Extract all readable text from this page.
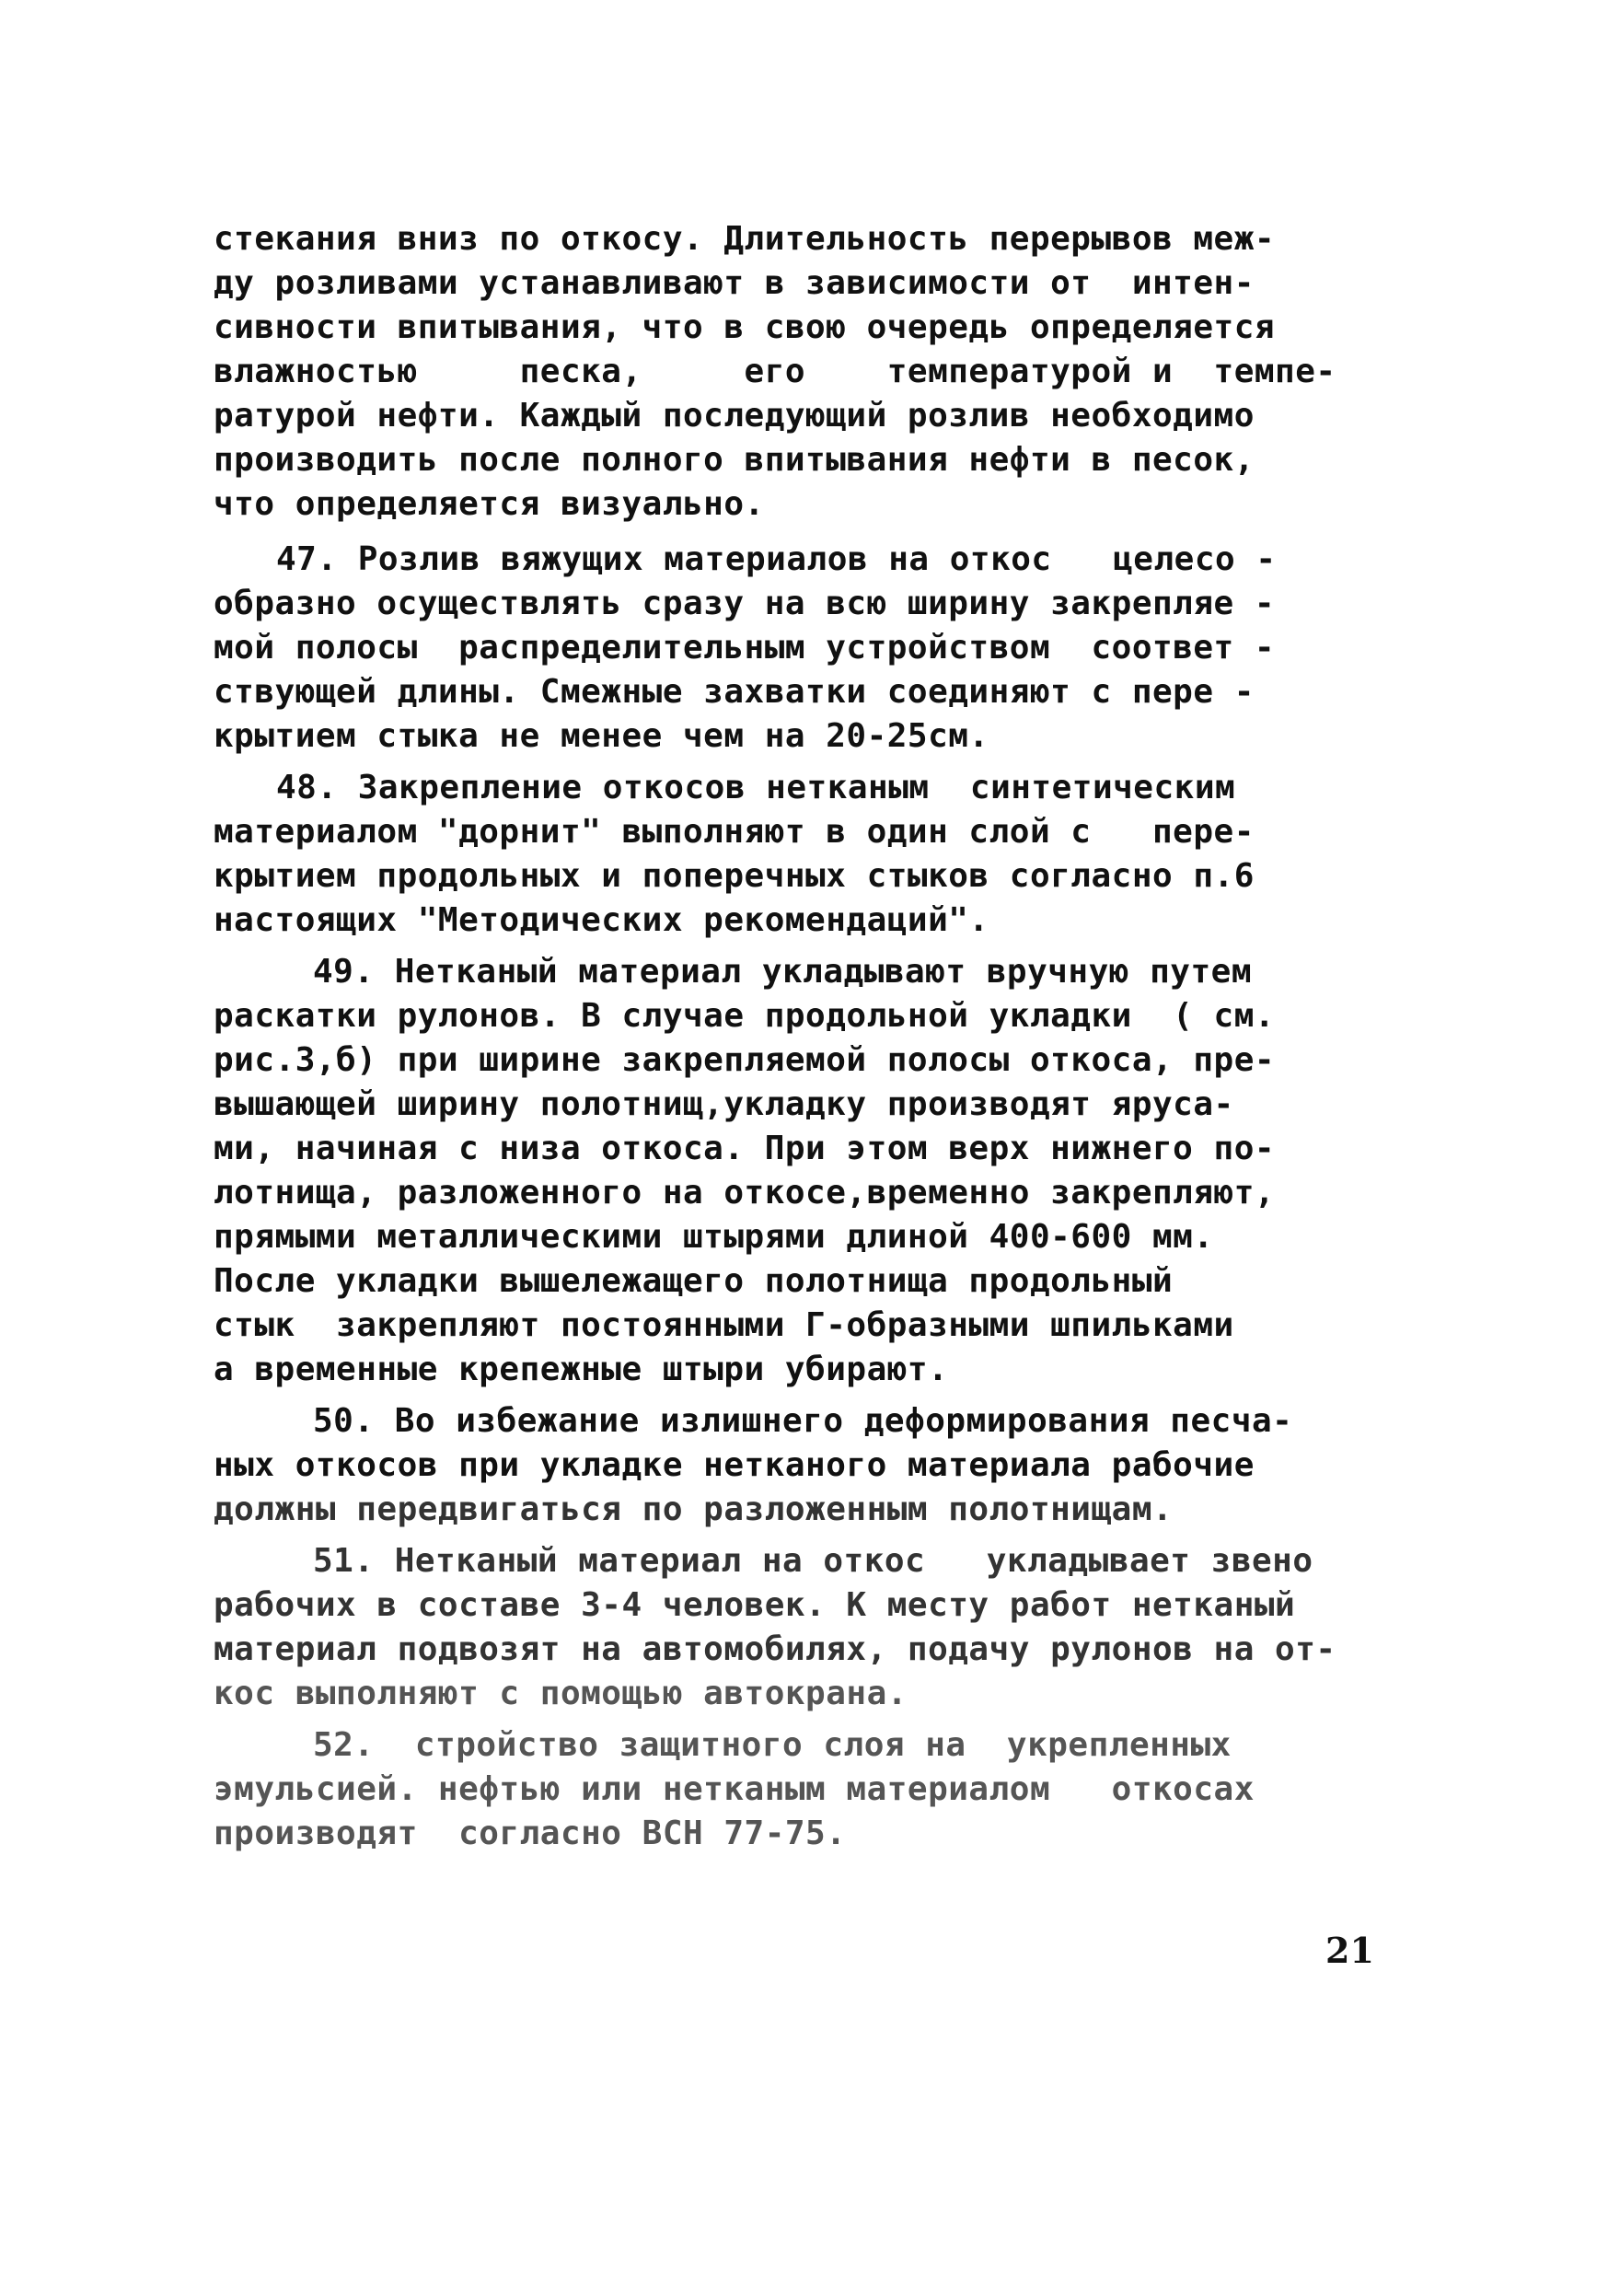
стекания вниз по откосу. Длительность перерывов меж-
ду розливами устанавливают в зависимости от  интен-
сивности впитывания, что в свою очередь определяется
влажностью     песка,     его    температурой и  темпе-
ратурой нефти. Каждый последующий розлив необходимо
производить после полного впитывания нефти в песок,
что определяется визуально.
47. Розлив вяжущих материалов на откос   целесо -
образно осуществлять сразу на всю ширину закрепляе -
мой полосы  распределительным устройством  соответ -
ствующей длины. Смежные захватки соединяют с пере -
крытием стыка не менее чем на 20-25см.
48. Закрепление откосов нетканым  синтетическим
материалом "дорнит" выполняют в один слой с   пере-
крытием продольных и поперечных стыков согласно п.6
настоящих "Методических рекомендаций".
49. Нетканый материал укладывают вручную путем
раскатки рулонов. В случае продольной укладки  ( см.
рис.3,б) при ширине закрепляемой полосы откоса, пре-
вышающей ширину полотнищ,укладку производят яруса-
ми, начиная с низа откоса. При этом верх нижнего по-
лотнища, разложенного на откосе,временно закрепляют,
прямыми металлическими штырями длиной 400-600 мм.
После укладки вышележащего полотнища продольный
стык  закрепляют постоянными Г-образными шпильками
а временные крепежные штыри убирают.
50. Во избежание излишнего деформирования песча-
ных откосов при укладке нетканого материала рабочие
должны передвигаться по разложенным полотнищам.
51. Нетканый материал на откос   укладывает звено
рабочих в составе 3-4 человек. К месту работ нетканый
материал подвозят на автомобилях, подачу рулонов на от-
кос выполняют с помощью автокрана.
52.  стройство защитного слоя на  укрепленных
эмульсией. нефтью или нетканым материалом   откосах
производят  согласно ВСН 77-75.
21
